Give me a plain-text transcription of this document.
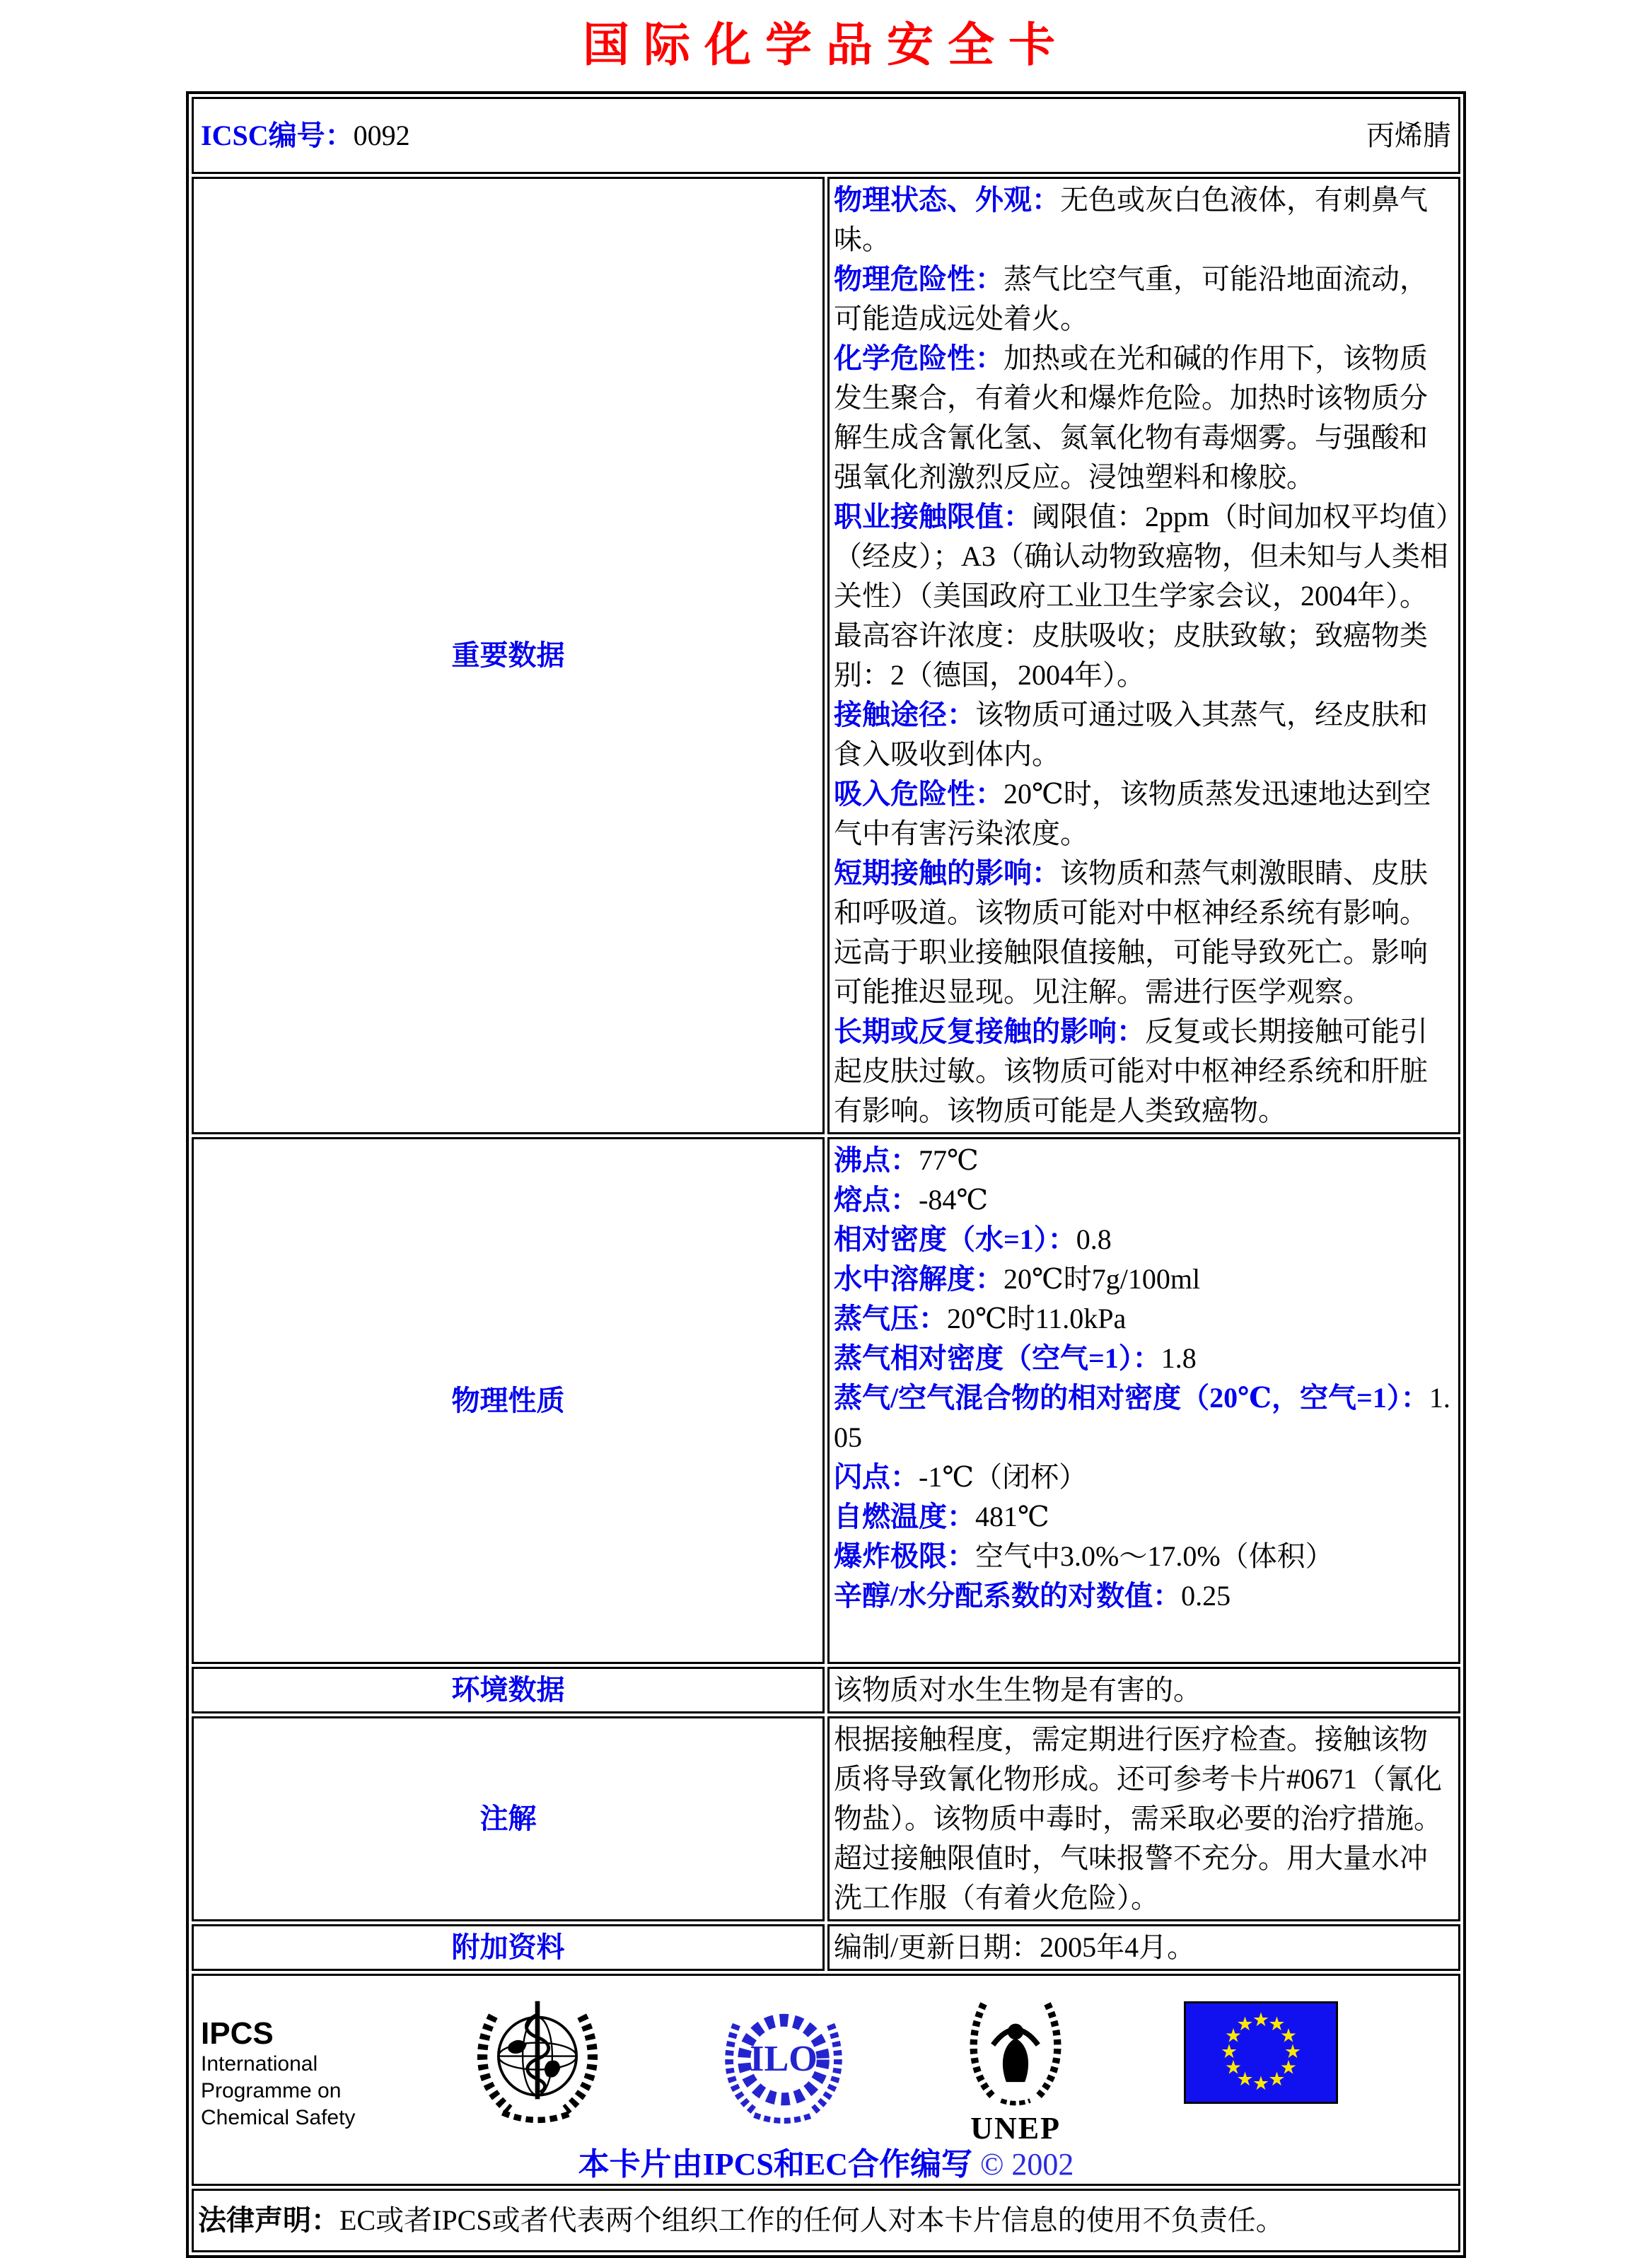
国际化学品安全卡
ICSC编号：0092 丙烯腈	

重要数据	
物理状态、外观：无色或灰白色液体，有刺鼻气味。
物理危险性：蒸气比空气重，可能沿地面流动，可能造成远处着火。
化学危险性：加热或在光和碱的作用下，该物质发生聚合，有着火和爆炸危险。加热时该物质分解生成含氰化氢、氮氧化物有毒烟雾。与强酸和强氧化剂激烈反应。浸蚀塑料和橡胶。
职业接触限值：阈限值：2ppm（时间加权平均值）（经皮）；A3（确认动物致癌物，但未知与人类相关性）（美国政府工业卫生学家会议，2004年）。最高容许浓度：皮肤吸收；皮肤致敏；致癌物类别：2（德国，2004年）。
接触途径：该物质可通过吸入其蒸气，经皮肤和食入吸收到体内。
吸入危险性：20℃时，该物质蒸发迅速地达到空气中有害污染浓度。
短期接触的影响：该物质和蒸气刺激眼睛、皮肤和呼吸道。该物质可能对中枢神经系统有影响。远高于职业接触限值接触，可能导致死亡。影响可能推迟显现。见注解。需进行医学观察。
长期或反复接触的影响：反复或长期接触可能引起皮肤过敏。该物质可能对中枢神经系统和肝脏有影响。该物质可能是人类致癌物。

物理性质	
沸点：77℃
熔点：-84℃
相对密度（水=1）：0.8
水中溶解度：20℃时7g/100ml
蒸气压：20℃时11.0kPa
蒸气相对密度（空气=1）：1.8
蒸气/空气混合物的相对密度（20℃，空气=1）：1.05
闪点：-1℃（闭杯）
自燃温度：481℃
爆炸极限：空气中3.0%～17.0%（体积）
辛醇/水分配系数的对数值：0.25

环境数据	该物质对水生生物是有害的。
注解	根据接触程度，需定期进行医疗检查。接触该物质将导致氰化物形成。还可参考卡片#0671（氰化物盐）。该物质中毒时，需采取必要的治疗措施。超过接触限值时，气味报警不充分。用大量水冲洗工作服（有着火危险）。
附加资料	编制/更新日期：2005年4月。

IPCS
International
Programme on
Chemical Safety
ILO
UNEP
★
★
★
★
★
★
★
★
★
★
★
★
本卡片由IPCS和EC合作编写 © 2002

法律声明：EC或者IPCS或者代表两个组织工作的任何人对本卡片信息的使用不负责任。	
